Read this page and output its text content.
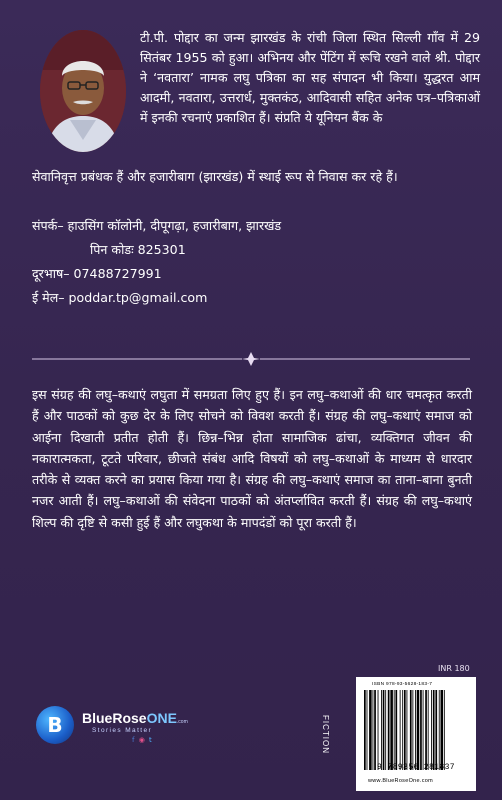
टी.पी. पोद्दार का जन्म झारखंड के रांची जिला स्थित सिल्ली गाँव में 29 सितंबर 1955 को हुआ। अभिनय और पेंटिंग में रूचि रखने वाले श्री. पोद्दार ने ‘नवतारा’ नामक लघु पत्रिका का सह संपादन भी किया। युद्धरत आम आदमी, नवतारा, उत्तरार्ध, मुक्तकंठ, आदिवासी सहित अनेक पत्र–पत्रिकाओं में इनकी रचनाएं प्रकाशित हैं। संप्रति ये यूनियन बैंक के
सेवानिवृत्त प्रबंधक हैं और हजारीबाग (झारखंड) में स्थाई रूप से निवास कर रहे हैं।
संपर्क– हाउसिंग कॉलोनी, दीपूगढ़ा, हजारीबाग, झारखंड
पिन कोडः 825301
दूरभाष– 07488727991
ई मेल– poddar.tp@gmail.com
इस संग्रह की लघु–कथाएं लघुता में समग्रता लिए हुए हैं। इन लघु–कथाओं की धार चमत्कृत करती हैं और पाठकों को कुछ देर के लिए सोचने को विवश करती हैं। संग्रह की लघु–कथाएं समाज को आईना दिखाती प्रतीत होती हैं। छिन्न–भिन्न होता सामाजिक ढांचा, व्यक्तिगत जीवन की नकारात्मकता, टूटते परिवार, छीजते संबंध आदि विषयों को लघु–कथाओं के माध्यम से धारदार तरीके से व्यक्त करने का प्रयास किया गया है। संग्रह की लघु–कथाएं समाज का ताना–बाना बुनती नजर आती हैं। लघु–कथाओं की संवेदना पाठकों को अंतर्प्लावित करती हैं। संग्रह की लघु–कथाएं शिल्प की दृष्टि से कसी हुई हैं और लघुकथा के मापदंडों को पूरा करती हैं।
INR 180
B	BlueRoseONE.com
Stories Matter
f ◉ t	FICTION
ISBN 978-93-5628-183-7
9 789356 281837
www.BlueRoseOne.com
